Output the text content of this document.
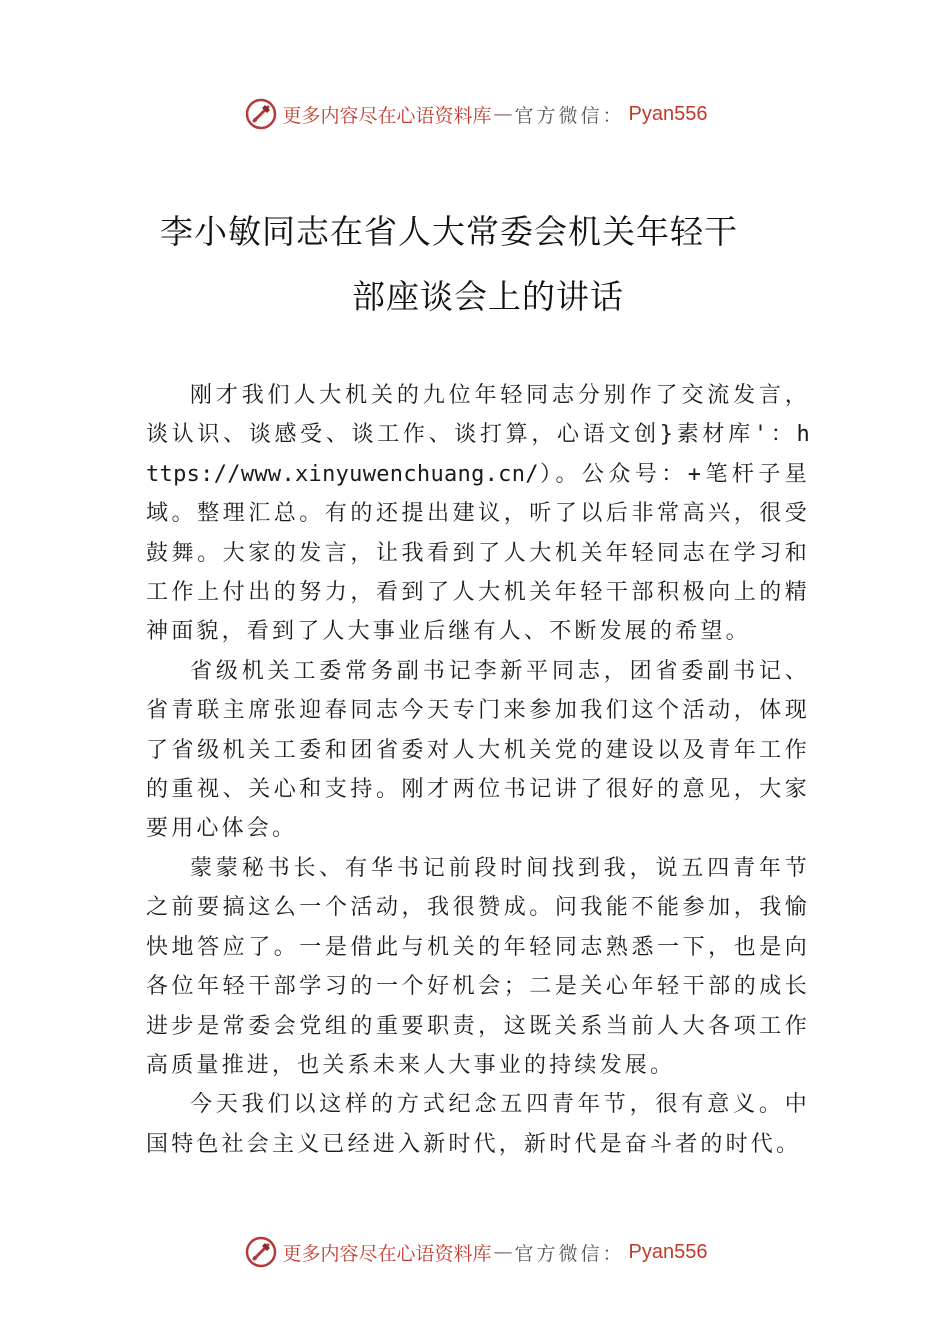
更多内容尽在心语资料库 — 官方微信： Pyan556
李小敏同志在省人大常委会机关年轻干
部座谈会上的讲话

刚才我们人大机关的九位年轻同志分别作了交流发言，谈认识、谈感受、谈工作、谈打算，心语文创}素材库'：https://www.xinyuwenchuang.cn/）。公众号：+笔杆子星域。整理汇总。有的还提出建议，听了以后非常高兴，很受鼓舞。大家的发言，让我看到了人大机关年轻同志在学习和工作上付出的努力，看到了人大机关年轻干部积极向上的精神面貌，看到了人大事业后继有人、不断发展的希望。

省级机关工委常务副书记李新平同志，团省委副书记、省青联主席张迎春同志今天专门来参加我们这个活动，体现了省级机关工委和团省委对人大机关党的建设以及青年工作的重视、关心和支持。刚才两位书记讲了很好的意见，大家要用心体会。

蒙蒙秘书长、有华书记前段时间找到我，说五四青年节之前要搞这么一个活动，我很赞成。问我能不能参加，我愉快地答应了。一是借此与机关的年轻同志熟悉一下，也是向各位年轻干部学习的一个好机会；二是关心年轻干部的成长进步是常委会党组的重要职责，这既关系当前人大各项工作高质量推进，也关系未来人大事业的持续发展。

今天我们以这样的方式纪念五四青年节，很有意义。中国特色社会主义已经进入新时代，新时代是奋斗者的时代。

更多内容尽在心语资料库 — 官方微信： Pyan556
